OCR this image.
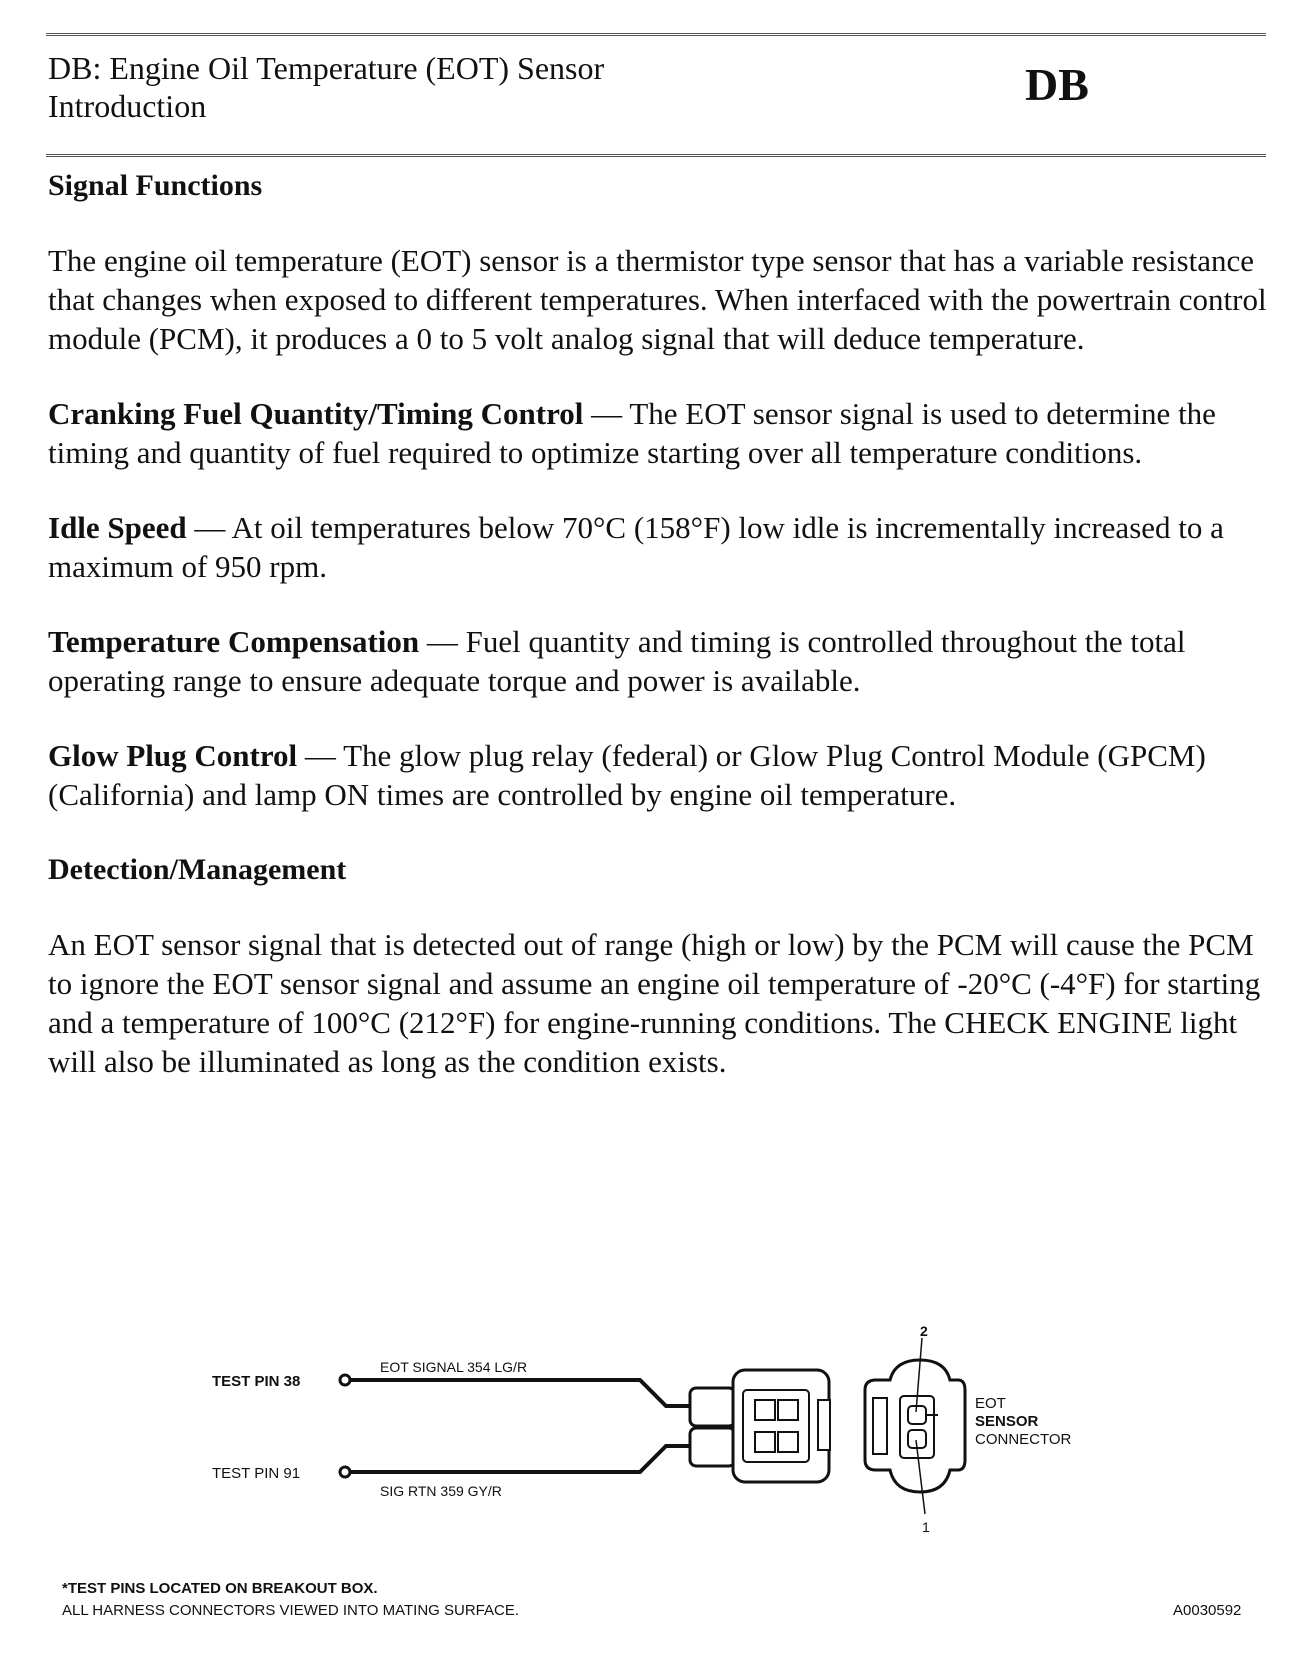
DB: Engine Oil Temperature (EOT) Sensor
Introduction	DB
Signal Functions

The engine oil temperature (EOT) sensor is a thermistor type sensor that has a variable resistance that changes when exposed to different temperatures. When interfaced with the powertrain control module (PCM), it produces a 0 to 5 volt analog signal that will deduce temperature.

Cranking Fuel Quantity/Timing Control — The EOT sensor signal is used to determine the timing and quantity of fuel required to optimize starting over all temperature conditions.

Idle Speed — At oil temperatures below 70°C (158°F) low idle is incrementally increased to a maximum of 950 rpm.

Temperature Compensation — Fuel quantity and timing is controlled throughout the total operating range to ensure adequate torque and power is available.

Glow Plug Control — The glow plug relay (federal) or Glow Plug Control Module (GPCM) (California) and lamp ON times are controlled by engine oil temperature.

Detection/Management

An EOT sensor signal that is detected out of range (high or low) by the PCM will cause the PCM to ignore the EOT sensor signal and assume an engine oil temperature of -20°C (-4°F) for starting and a temperature of 100°C (212°F) for engine-running conditions. The CHECK ENGINE light will also be illuminated as long as the condition exists.

TEST PIN 38
TEST PIN 91
EOT SIGNAL 354 LG/R
SIG RTN 359 GY/R
2
1
EOT
SENSOR
CONNECTOR
*TEST PINS LOCATED ON BREAKOUT BOX.
ALL HARNESS CONNECTORS VIEWED INTO MATING SURFACE.	A0030592
